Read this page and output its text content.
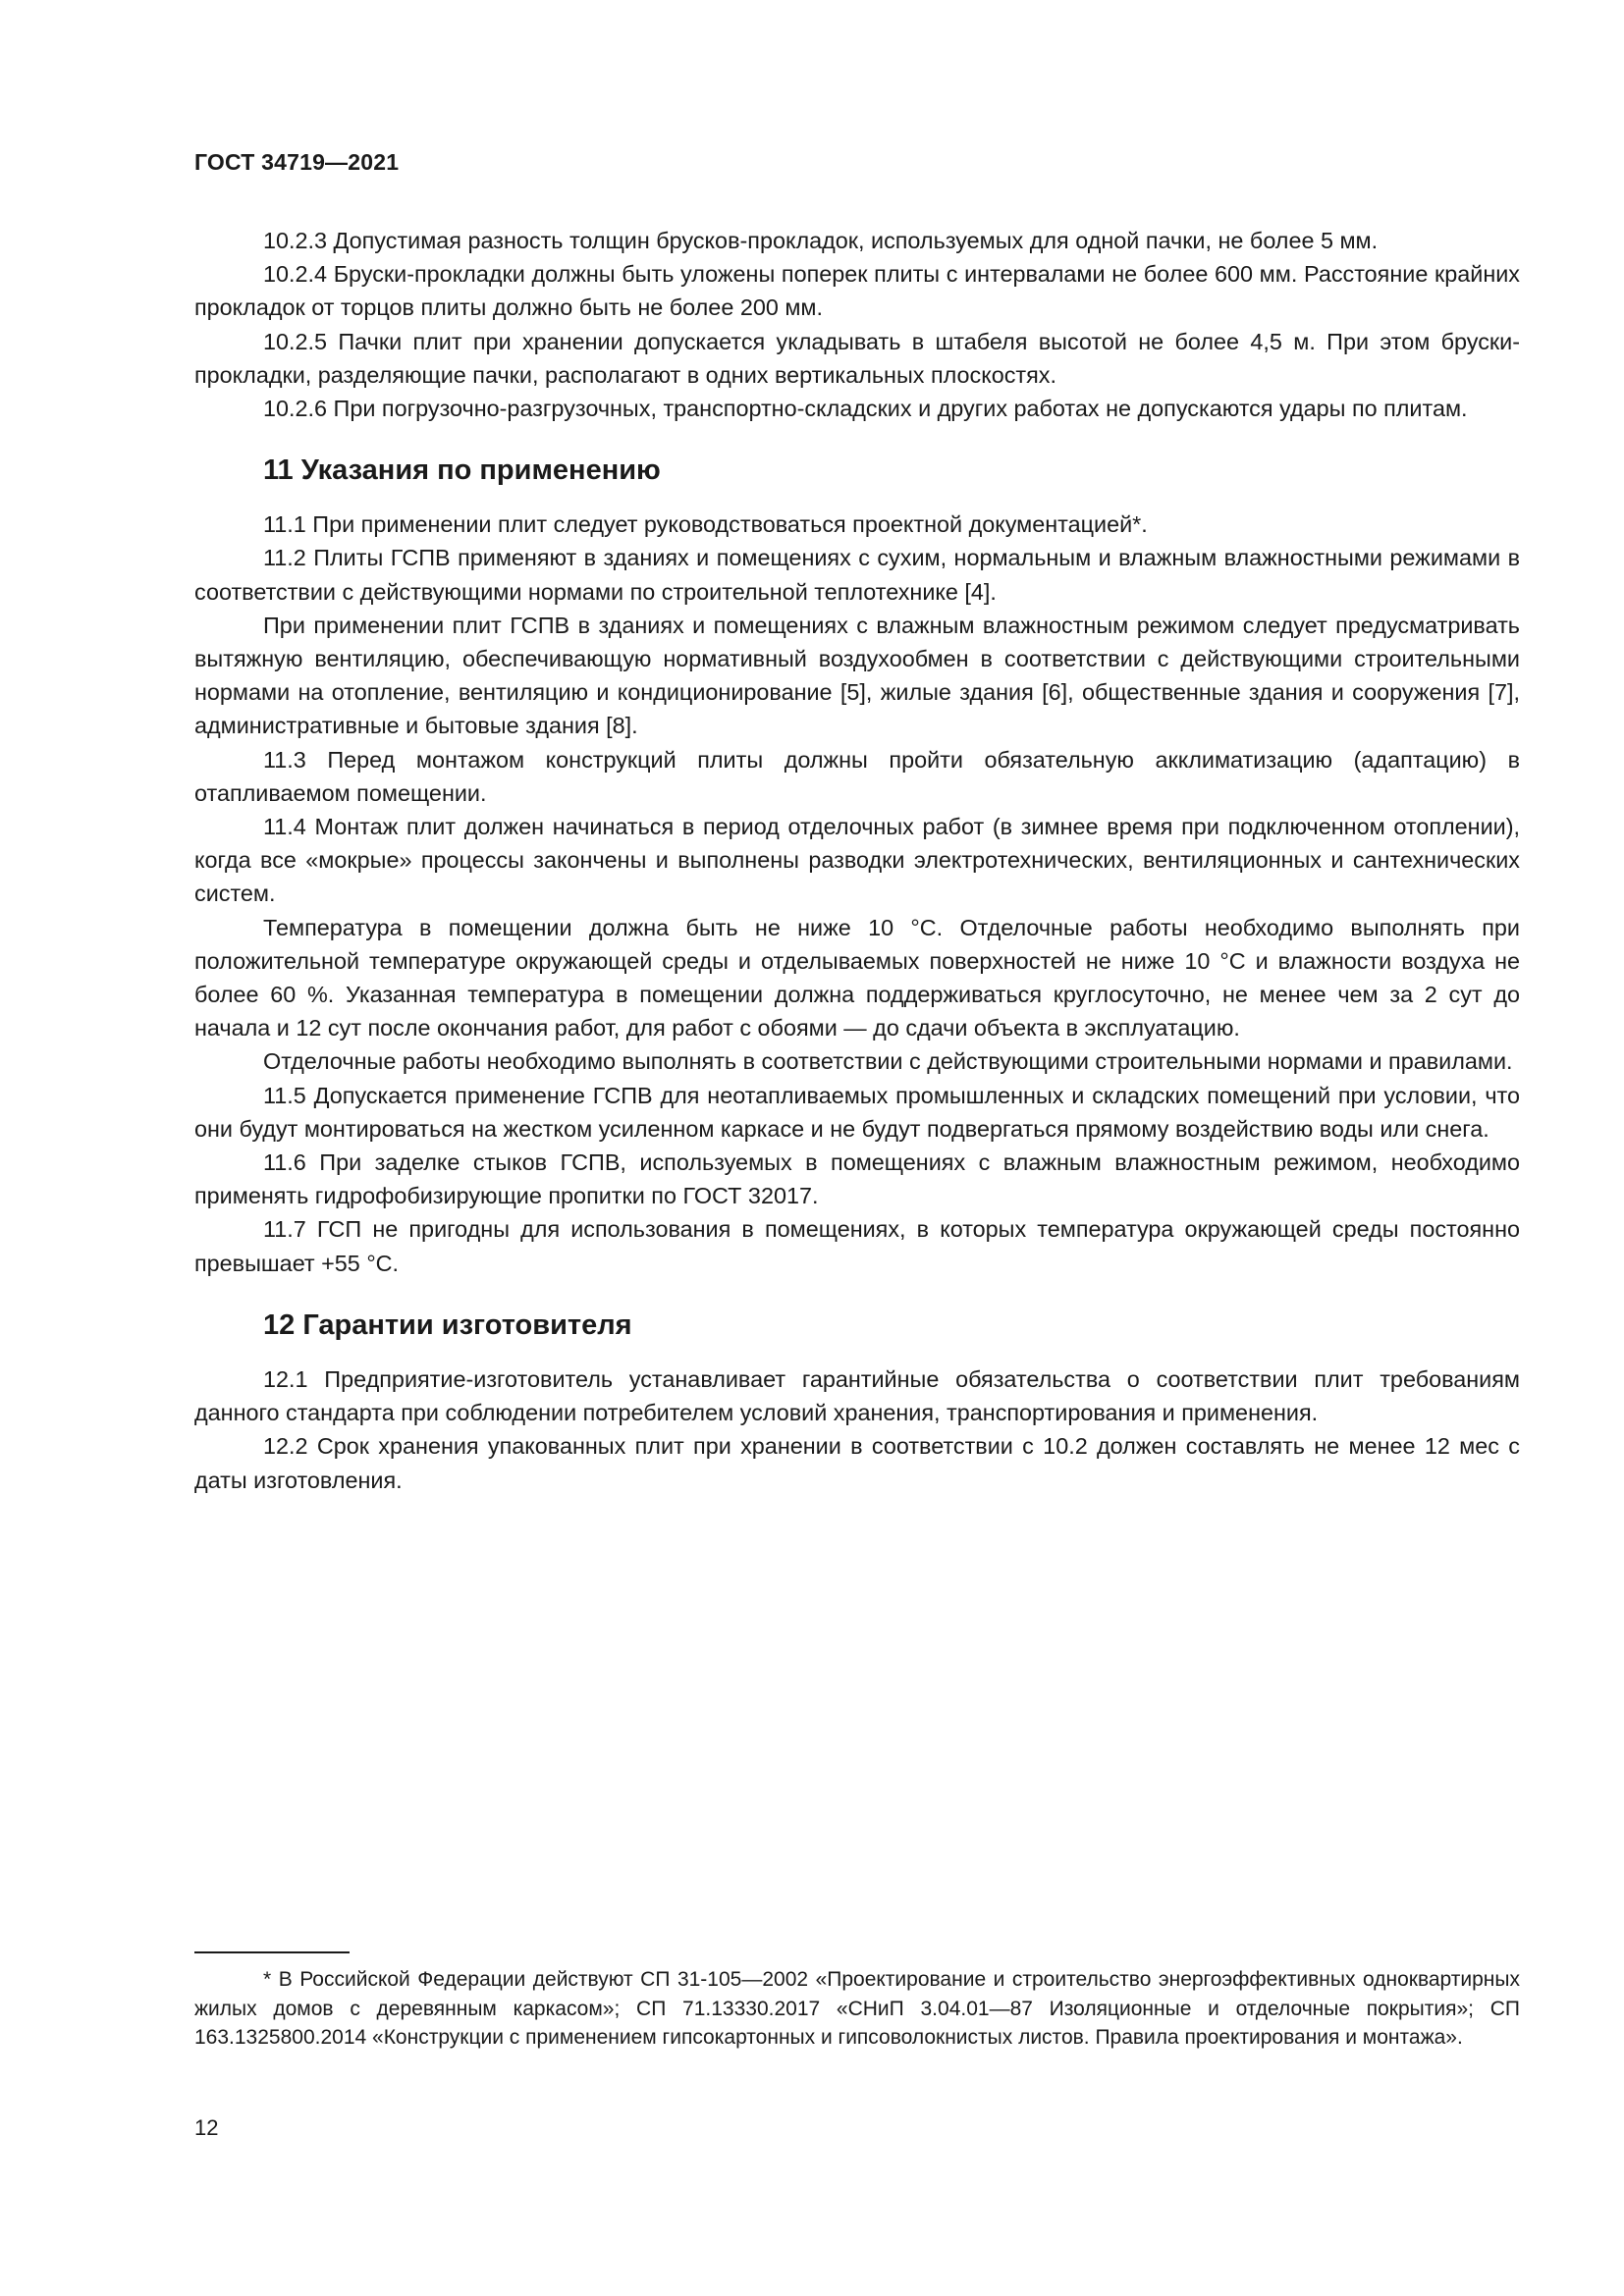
ГОСТ 34719—2021

10.2.3 Допустимая разность толщин брусков-прокладок, используемых для одной пачки, не более 5 мм.

10.2.4 Бруски-прокладки должны быть уложены поперек плиты с интервалами не более 600 мм. Расстояние крайних прокладок от торцов плиты должно быть не более 200 мм.

10.2.5 Пачки плит при хранении допускается укладывать в штабеля высотой не более 4,5 м. При этом бруски-прокладки, разделяющие пачки, располагают в одних вертикальных плоскостях.

10.2.6 При погрузочно-разгрузочных, транспортно-складских и других работах не допускаются удары по плитам.

11 Указания по применению

11.1 При применении плит следует руководствоваться проектной документацией*.

11.2 Плиты ГСПВ применяют в зданиях и помещениях с сухим, нормальным и влажным влажностными режимами в соответствии с действующими нормами по строительной теплотехнике [4].

При применении плит ГСПВ в зданиях и помещениях с влажным влажностным режимом следует предусматривать вытяжную вентиляцию, обеспечивающую нормативный воздухообмен в соответствии с действующими строительными нормами на отопление, вентиляцию и кондиционирование [5], жилые здания [6], общественные здания и сооружения [7], административные и бытовые здания [8].

11.3 Перед монтажом конструкций плиты должны пройти обязательную акклиматизацию (адаптацию) в отапливаемом помещении.

11.4 Монтаж плит должен начинаться в период отделочных работ (в зимнее время при подключенном отоплении), когда все «мокрые» процессы закончены и выполнены разводки электротехнических, вентиляционных и сантехнических систем.

Температура в помещении должна быть не ниже 10 °С. Отделочные работы необходимо выполнять при положительной температуре окружающей среды и отделываемых поверхностей не ниже 10 °С и влажности воздуха не более 60 %. Указанная температура в помещении должна поддерживаться круглосуточно, не менее чем за 2 сут до начала и 12 сут после окончания работ, для работ с обоями — до сдачи объекта в эксплуатацию.

Отделочные работы необходимо выполнять в соответствии с действующими строительными нормами и правилами.

11.5 Допускается применение ГСПВ для неотапливаемых промышленных и складских помещений при условии, что они будут монтироваться на жестком усиленном каркасе и не будут подвергаться прямому воздействию воды или снега.

11.6 При заделке стыков ГСПВ, используемых в помещениях с влажным влажностным режимом, необходимо применять гидрофобизирующие пропитки по ГОСТ 32017.

11.7 ГСП не пригодны для использования в помещениях, в которых температура окружающей среды постоянно превышает +55 °С.

12 Гарантии изготовителя

12.1 Предприятие-изготовитель устанавливает гарантийные обязательства о соответствии плит требованиям данного стандарта при соблюдении потребителем условий хранения, транспортирования и применения.

12.2 Срок хранения упакованных плит при хранении в соответствии с 10.2 должен составлять не менее 12 мес с даты изготовления.

* В Российской Федерации действуют СП 31-105—2002 «Проектирование и строительство энергоэффективных одноквартирных жилых домов с деревянным каркасом»; СП 71.13330.2017 «СНиП 3.04.01—87 Изоляционные и отделочные покрытия»; СП 163.1325800.2014 «Конструкции с применением гипсокартонных и гипсоволокнистых листов. Правила проектирования и монтажа».

12
